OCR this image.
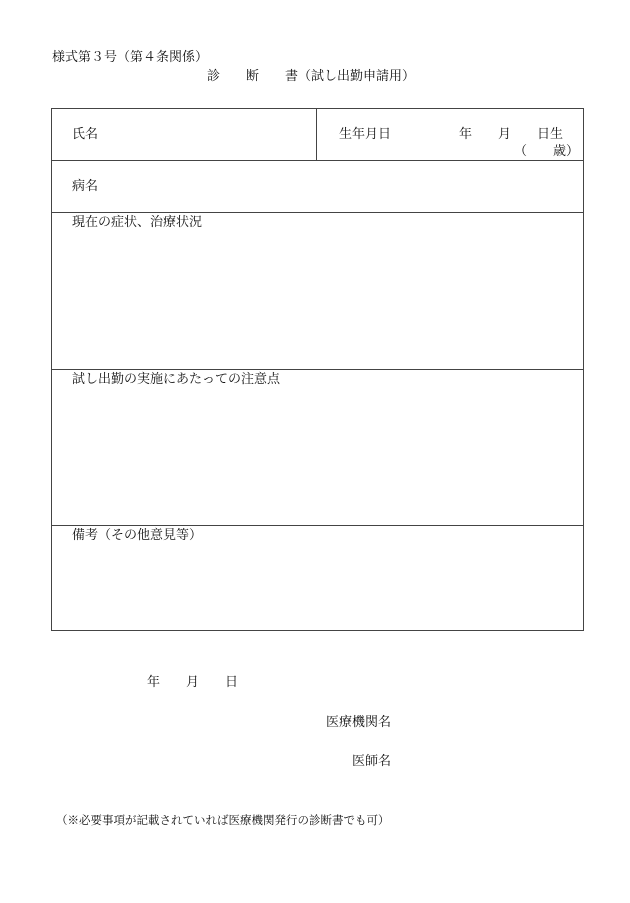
様式第３号（第４条関係）
診　　断　　書（試し出勤申請用）
氏名	生年月日	年　　月　　日生
（　　歳）
病名
現在の症状、治療状況
試し出勤の実施にあたっての注意点
備考（その他意見等）
年　　月　　日
医療機関名
医師名
（※必要事項が記載されていれば医療機関発行の診断書でも可）
